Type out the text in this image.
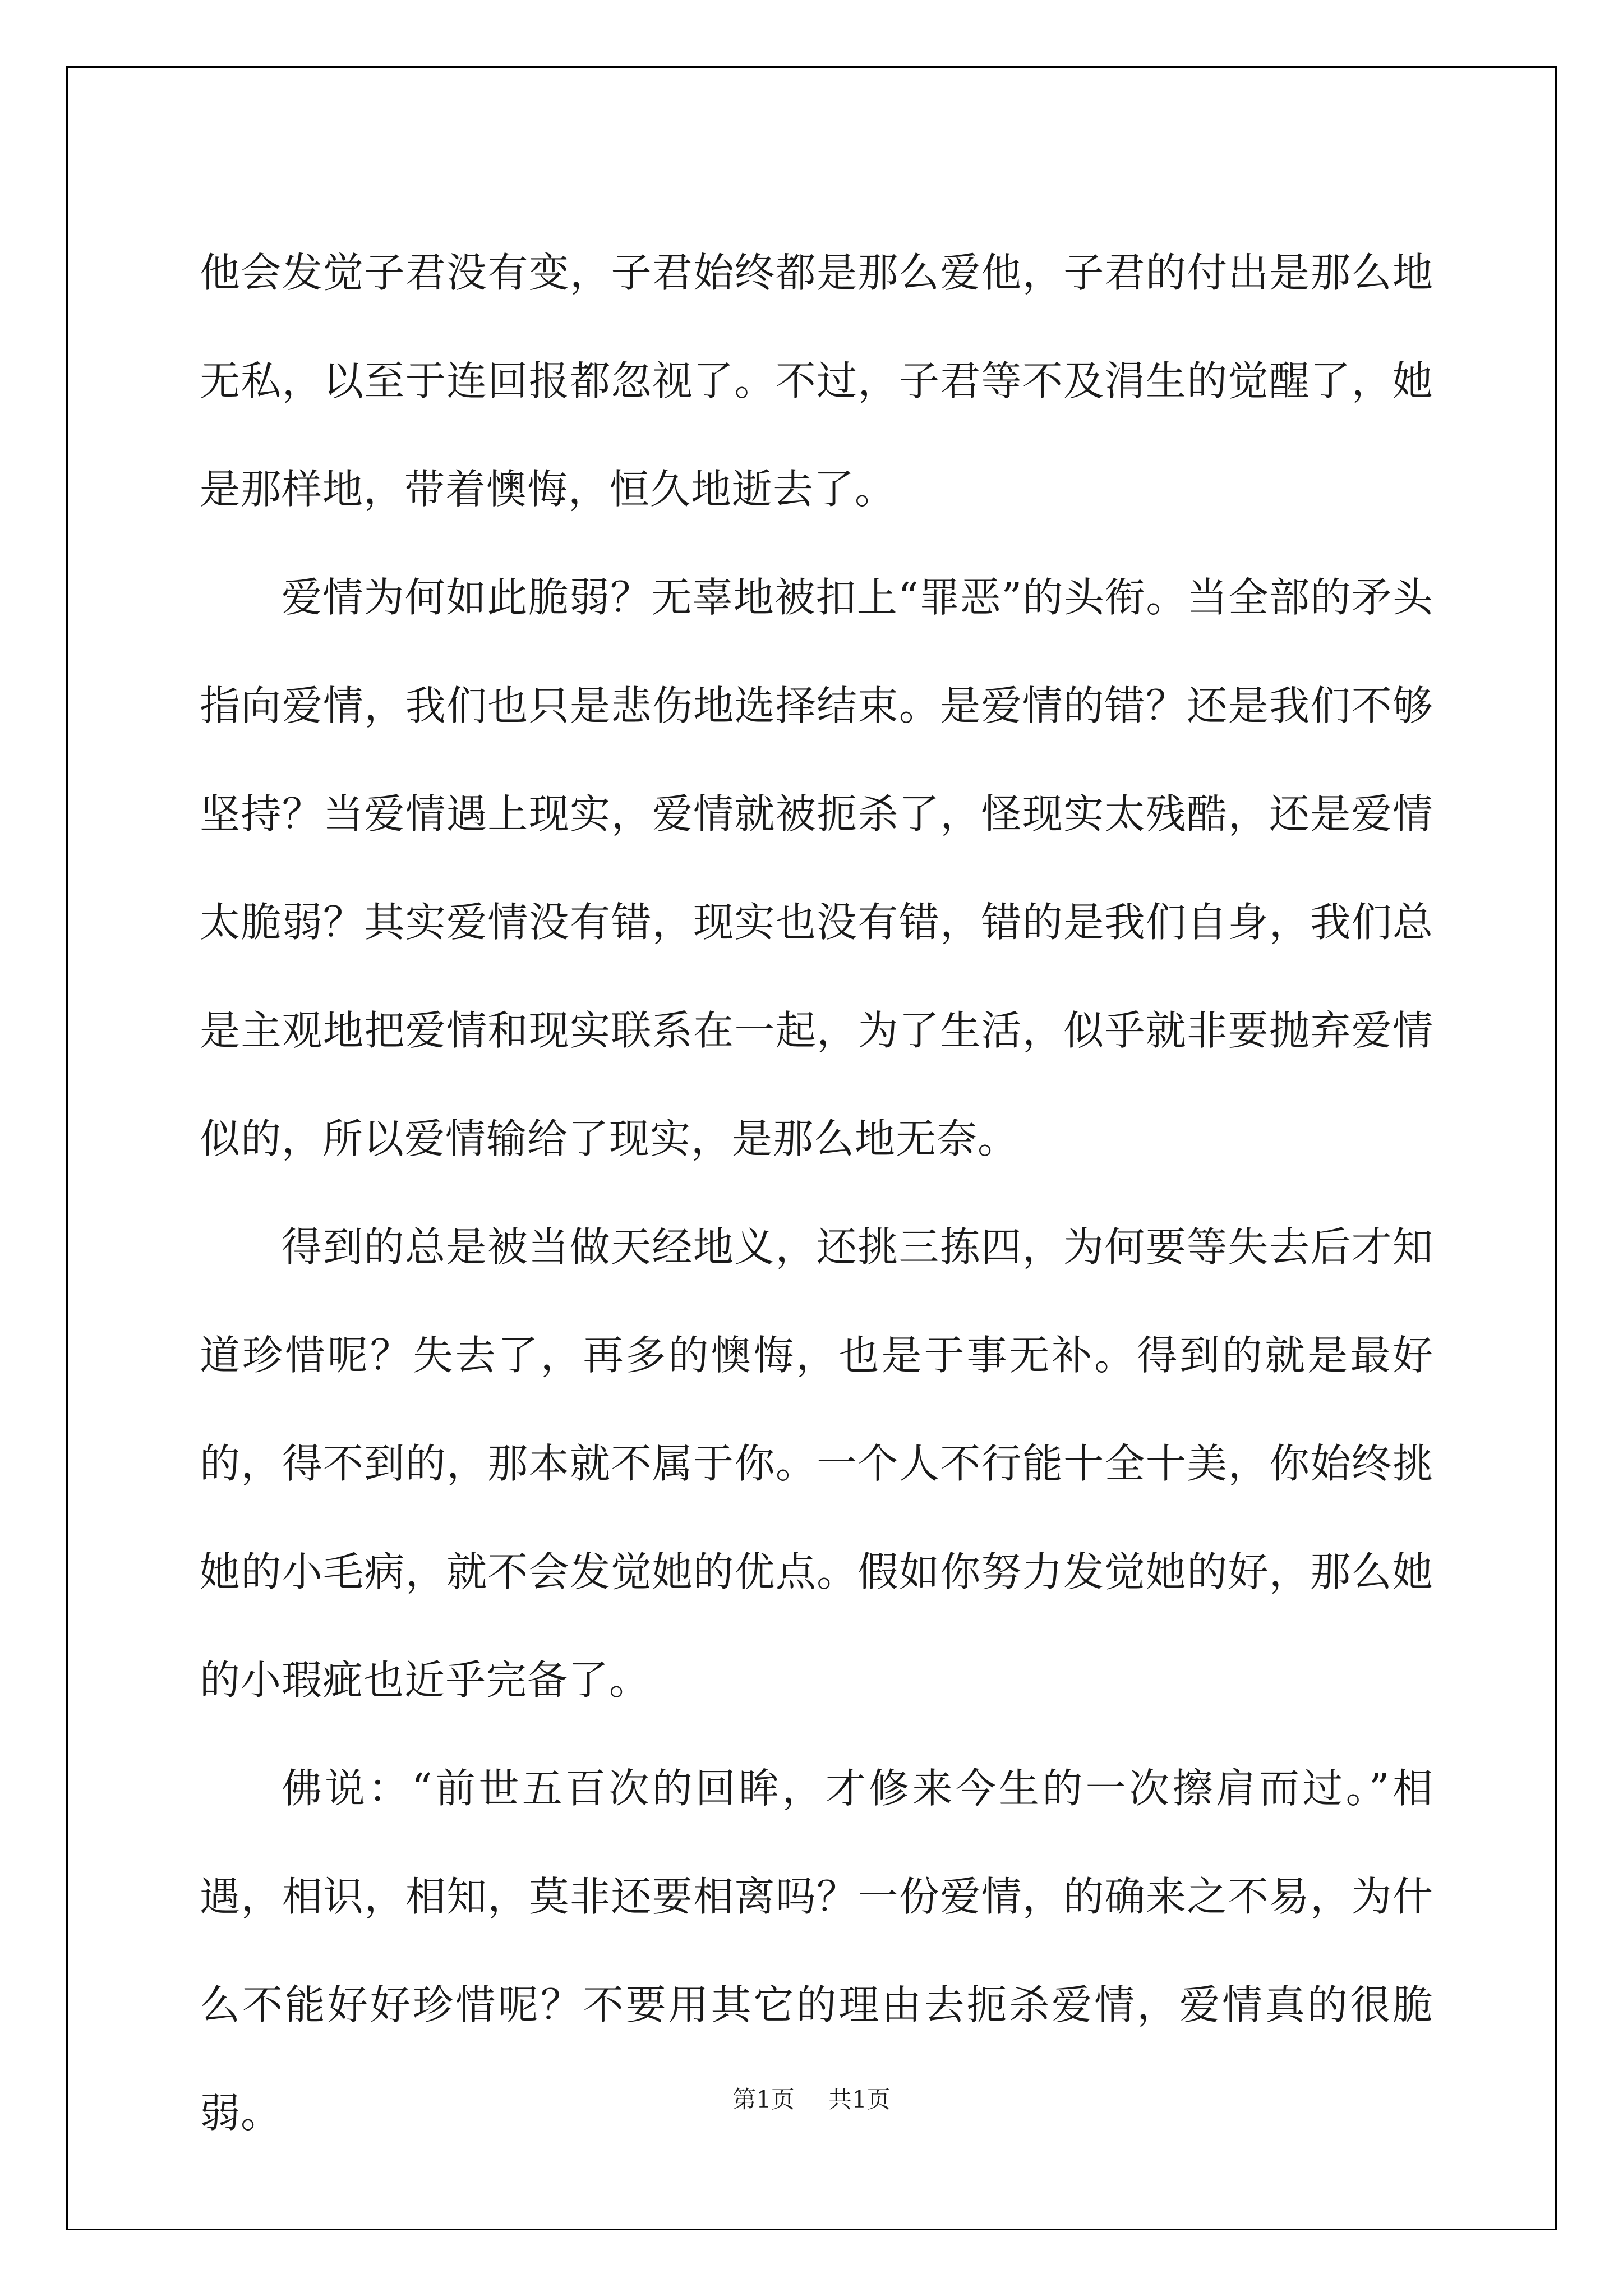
他会发觉子君没有变，子君始终都是那么爱他，子君的付出是那么地无私，以至于连回报都忽视了。不过，子君等不及涓生的觉醒了，她是那样地，带着懊悔，恒久地逝去了。

爱情为何如此脆弱？无辜地被扣上“罪恶”的头衔。当全部的矛头指向爱情，我们也只是悲伤地选择结束。是爱情的错？还是我们不够坚持？当爱情遇上现实，爱情就被扼杀了，怪现实太残酷，还是爱情太脆弱？其实爱情没有错，现实也没有错，错的是我们自身，我们总是主观地把爱情和现实联系在一起，为了生活，似乎就非要抛弃爱情似的，所以爱情输给了现实，是那么地无奈。

得到的总是被当做天经地义，还挑三拣四，为何要等失去后才知道珍惜呢？失去了，再多的懊悔，也是于事无补。得到的就是最好的，得不到的，那本就不属于你。一个人不行能十全十美，你始终挑她的小毛病，就不会发觉她的优点。假如你努力发觉她的好，那么她的小瑕疵也近乎完备了。

佛说：“前世五百次的回眸，才修来今生的一次擦肩而过。”相遇，相识，相知，莫非还要相离吗？一份爱情，的确来之不易，为什么不能好好珍惜呢？不要用其它的理由去扼杀爱情，爱情真的很脆弱。	第1页 共1页
